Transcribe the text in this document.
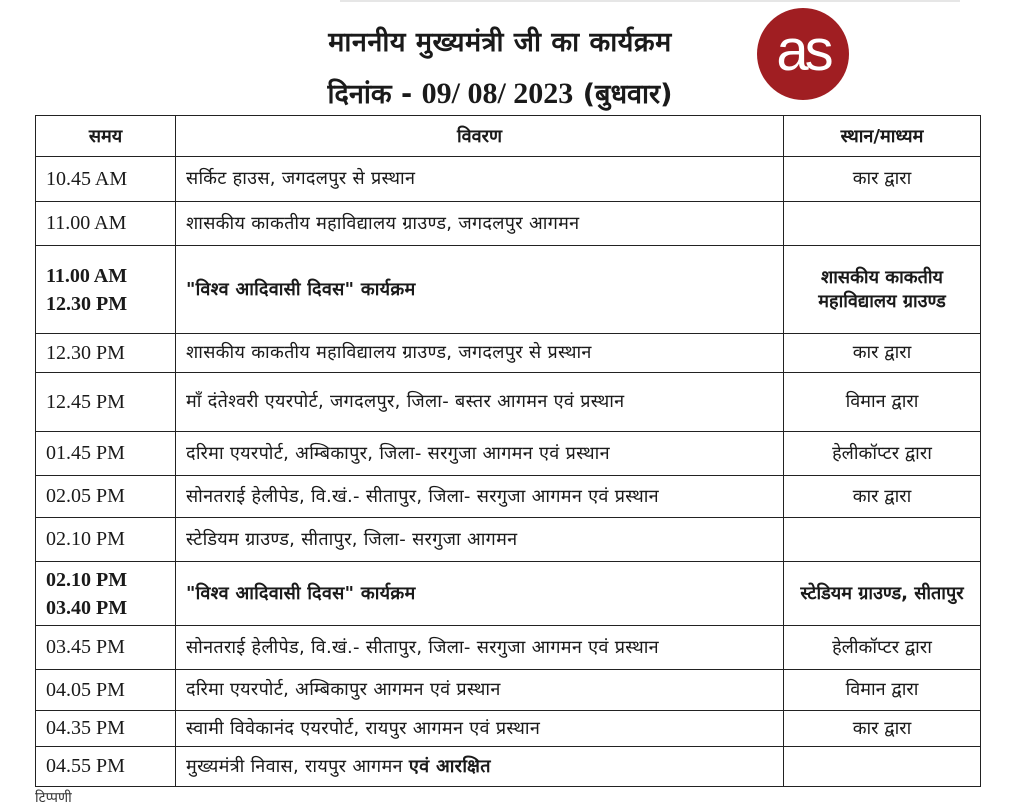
माननीय मुख्यमंत्री जी का कार्यक्रम
दिनांक - 09/ 08/ 2023 (बुधवार)
as
समय	विवरण	स्थान/माध्यम
10.45 AM	सर्किट हाउस, जगदलपुर से प्रस्थान	कार द्वारा
11.00 AM	शासकीय काकतीय महाविद्यालय ग्राउण्ड, जगदलपुर आगमन	

11.00 AM
12.30 PM	"विश्व आदिवासी दिवस" कार्यक्रम	शासकीय काकतीय महाविद्यालय ग्राउण्ड
12.30 PM	शासकीय काकतीय महाविद्यालय ग्राउण्ड, जगदलपुर से प्रस्थान	कार द्वारा
12.45 PM	माँ दंतेश्वरी एयरपोर्ट, जगदलपुर, जिला- बस्तर आगमन एवं प्रस्थान	विमान द्वारा
01.45 PM	दरिमा एयरपोर्ट, अम्बिकापुर, जिला- सरगुजा आगमन एवं प्रस्थान	हेलीकॉप्टर द्वारा
02.05 PM	सोनतराई हेलीपेड, वि.खं.- सीतापुर, जिला- सरगुजा आगमन एवं प्रस्थान	कार द्वारा
02.10 PM	स्टेडियम ग्राउण्ड, सीतापुर, जिला- सरगुजा आगमन	

02.10 PM
03.40 PM	"विश्व आदिवासी दिवस" कार्यक्रम	स्टेडियम ग्राउण्ड, सीतापुर
03.45 PM	सोनतराई हेलीपेड, वि.खं.- सीतापुर, जिला- सरगुजा आगमन एवं प्रस्थान	हेलीकॉप्टर द्वारा
04.05 PM	दरिमा एयरपोर्ट, अम्बिकापुर आगमन एवं प्रस्थान	विमान द्वारा
04.35 PM	स्वामी विवेकानंद एयरपोर्ट, रायपुर आगमन एवं प्रस्थान	कार द्वारा
04.55 PM	मुख्यमंत्री निवास, रायपुर आगमन एवं आरक्षित	
टिप्पणी
